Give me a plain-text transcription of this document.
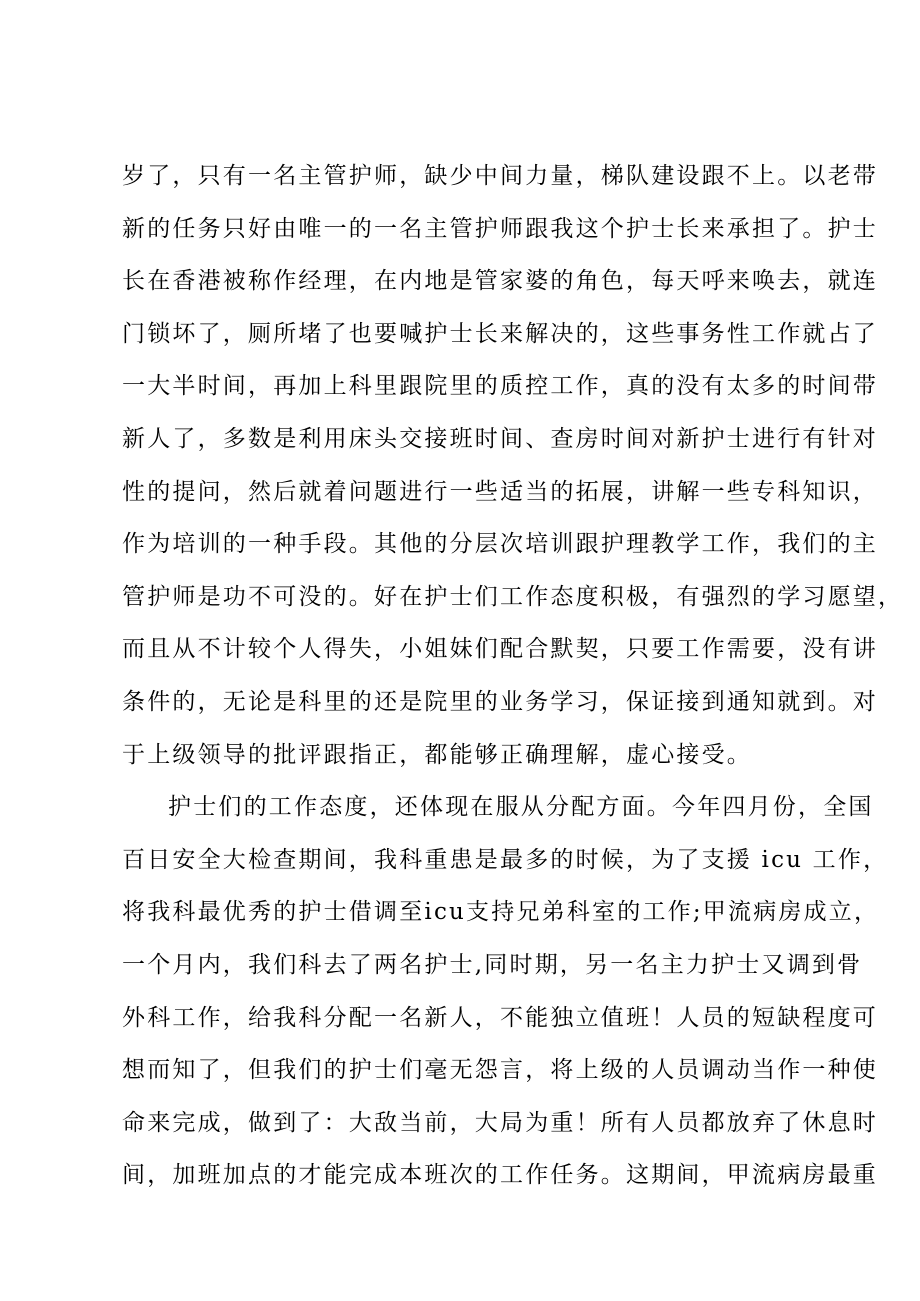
岁了，只有一名主管护师，缺少中间力量，梯队建设跟不上。以老带
新的任务只好由唯一的一名主管护师跟我这个护士长来承担了。护士
长在香港被称作经理，在内地是管家婆的角色，每天呼来唤去，就连
门锁坏了，厕所堵了也要喊护士长来解决的，这些事务性工作就占了
一大半时间，再加上科里跟院里的质控工作，真的没有太多的时间带
新人了，多数是利用床头交接班时间、查房时间对新护士进行有针对
性的提问，然后就着问题进行一些适当的拓展，讲解一些专科知识，
作为培训的一种手段。其他的分层次培训跟护理教学工作，我们的主
管护师是功不可没的。好在护士们工作态度积极，有强烈的学习愿望，
而且从不计较个人得失，小姐妹们配合默契，只要工作需要，没有讲
条件的，无论是科里的还是院里的业务学习，保证接到通知就到。对
于上级领导的批评跟指正，都能够正确理解，虚心接受。
护士们的工作态度，还体现在服从分配方面。今年四月份，全国
百日安全大检查期间，我科重患是最多的时候，为了支援 icu 工作，
将我科最优秀的护士借调至icu支持兄弟科室的工作;甲流病房成立，
一个月内，我们科去了两名护士,同时期，另一名主力护士又调到骨
外科工作，给我科分配一名新人，不能独立值班！人员的短缺程度可
想而知了，但我们的护士们毫无怨言，将上级的人员调动当作一种使
命来完成，做到了：大敌当前，大局为重！所有人员都放弃了休息时
间，加班加点的才能完成本班次的工作任务。这期间，甲流病房最重
